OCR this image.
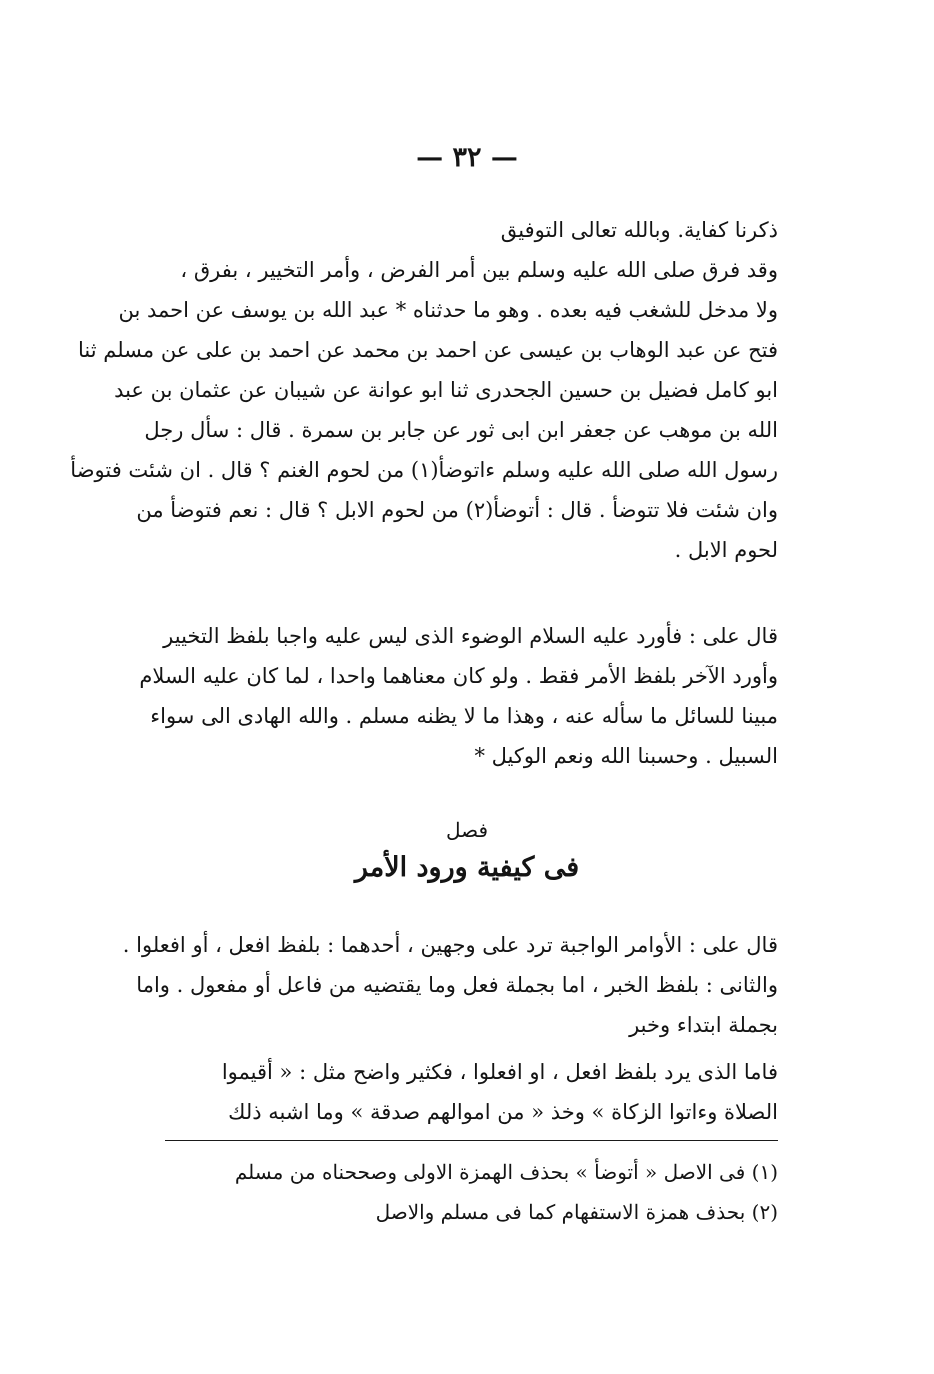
— ٣٢ —
ذكرنا كفاية. وبالله تعالى التوفيق
وقد فرق صلى الله عليه وسلم بين أمر الفرض ، وأمر التخيير ، بفرق ،
ولا مدخل للشغب فيه بعده . وهو ما حدثناه * عبد الله بن يوسف عن احمد بن
فتح عن عبد الوهاب بن عيسى عن احمد بن محمد عن احمد بن على عن مسلم ثنا
ابو كامل فضيل بن حسين الجحدرى ثنا ابو عوانة عن شيبان عن عثمان بن عبد
الله بن موهب عن جعفر ابن ابى ثور عن جابر بن سمرة . قال : سأل رجل
رسول الله صلى الله عليه وسلم ءاتوضأ(١) من لحوم الغنم ؟ قال . ان شئت فتوضأ
وان شئت فلا تتوضأ . قال : أتوضأ(٢) من لحوم الابل ؟ قال : نعم فتوضأ من
لحوم الابل .
قال على : فأورد عليه السلام الوضوء الذى ليس عليه واجبا بلفظ التخيير
وأورد الآخر بلفظ الأمر فقط . ولو كان معناهما واحدا ، لما كان عليه السلام
مبينا للسائل ما سأله عنه ، وهذا ما لا يظنه مسلم . والله الهادى الى سواء
السبيل . وحسبنا الله ونعم الوكيل *
فصل
فى كيفية ورود الأمر
قال على : الأوامر الواجبة ترد على وجهين ، أحدهما : بلفظ افعل ، أو افعلوا .
والثانى : بلفظ الخبر ، اما بجملة فعل وما يقتضيه من فاعل أو مفعول . واما
بجملة ابتداء وخبر
فاما الذى يرد بلفظ افعل ، او افعلوا ، فكثير واضح مثل : « أقيموا
الصلاة وءاتوا الزكاة » وخذ « من اموالهم صدقة » وما اشبه ذلك
(١) فى الاصل « أتوضأ » بحذف الهمزة الاولى وصححناه من مسلم
(٢) بحذف همزة الاستفهام كما فى مسلم والاصل
